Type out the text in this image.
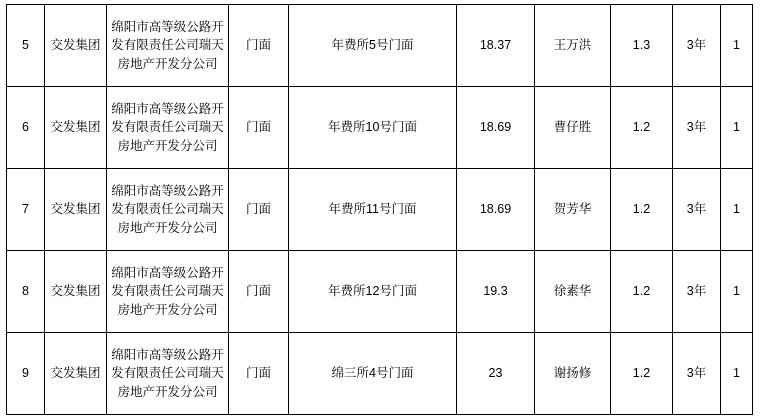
5	交发集团	绵阳市高等级公路开发有限责任公司瑞天房地产开发分公司	门面	年费所5号门面	18.37	王万洪	1.3	3年	1
6	交发集团	绵阳市高等级公路开发有限责任公司瑞天房地产开发分公司	门面	年费所10号门面	18.69	曹仔胜	1.2	3年	1
7	交发集团	绵阳市高等级公路开发有限责任公司瑞天房地产开发分公司	门面	年费所11号门面	18.69	贺芳华	1.2	3年	1
8	交发集团	绵阳市高等级公路开发有限责任公司瑞天房地产开发分公司	门面	年费所12号门面	19.3	徐素华	1.2	3年	1
9	交发集团	绵阳市高等级公路开发有限责任公司瑞天房地产开发分公司	门面	绵三所4号门面	23	谢扬修	1.2	3年	1
